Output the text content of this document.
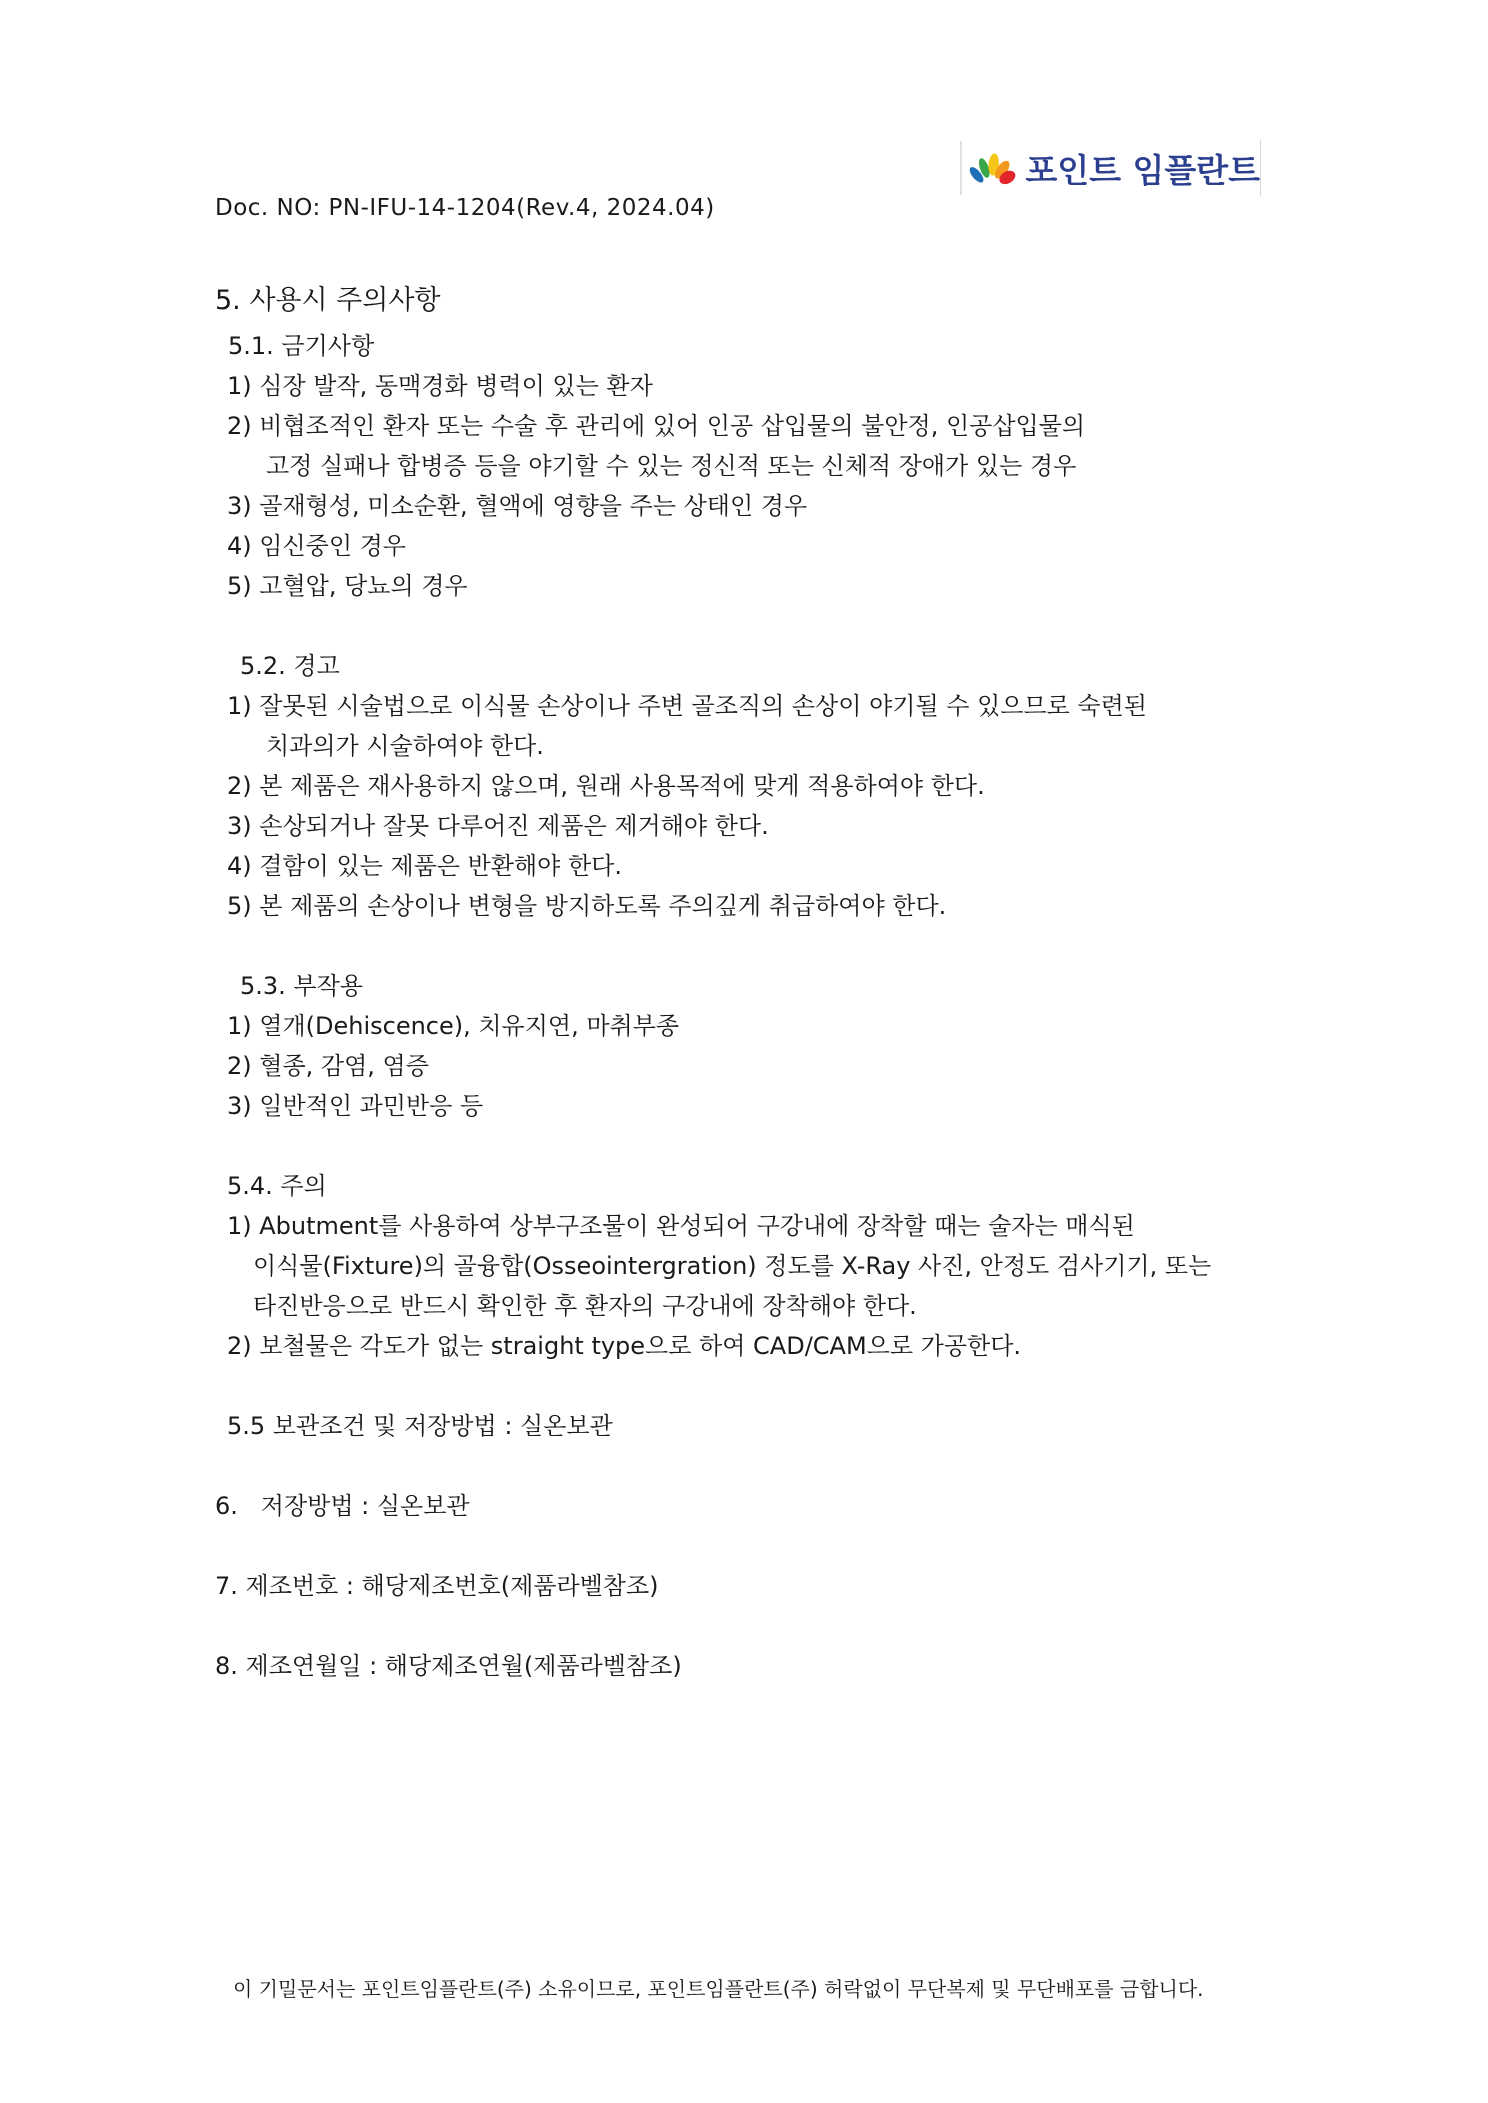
포인트 임플란트
Doc. NO: PN-IFU-14-1204(Rev.4, 2024.04)
5. 사용시 주의사항
5.1. 금기사항
1) 심장 발작, 동맥경화 병력이 있는 환자
2) 비협조적인 환자 또는 수술 후 관리에 있어 인공 삽입물의 불안정, 인공삽입물의
고정 실패나 합병증 등을 야기할 수 있는 정신적 또는 신체적 장애가 있는 경우
3) 골재형성, 미소순환, 혈액에 영향을 주는 상태인 경우
4) 임신중인 경우
5) 고혈압, 당뇨의 경우
5.2. 경고
1) 잘못된 시술법으로 이식물 손상이나 주변 골조직의 손상이 야기될 수 있으므로 숙련된
치과의가 시술하여야 한다.
2) 본 제품은 재사용하지 않으며, 원래 사용목적에 맞게 적용하여야 한다.
3) 손상되거나 잘못 다루어진 제품은 제거해야 한다.
4) 결함이 있는 제품은 반환해야 한다.
5) 본 제품의 손상이나 변형을 방지하도록 주의깊게 취급하여야 한다.
5.3. 부작용
1) 열개(Dehiscence), 치유지연, 마취부종
2) 혈종, 감염, 염증
3) 일반적인 과민반응 등
5.4. 주의
1) Abutment를 사용하여 상부구조물이 완성되어 구강내에 장착할 때는 술자는 매식된
이식물(Fixture)의 골융합(Osseointergration) 정도를 X-Ray 사진, 안정도 검사기기, 또는
타진반응으로 반드시 확인한 후 환자의 구강내에 장착해야 한다.
2) 보철물은 각도가 없는 straight type으로 하여 CAD/CAM으로 가공한다.
5.5 보관조건 및 저장방법 : 실온보관
6.   저장방법 : 실온보관
7. 제조번호 : 해당제조번호(제품라벨참조)
8. 제조연월일 : 해당제조연월(제품라벨참조)
이 기밀문서는 포인트임플란트(주) 소유이므로, 포인트임플란트(주) 허락없이 무단복제 및 무단배포를 금합니다.
